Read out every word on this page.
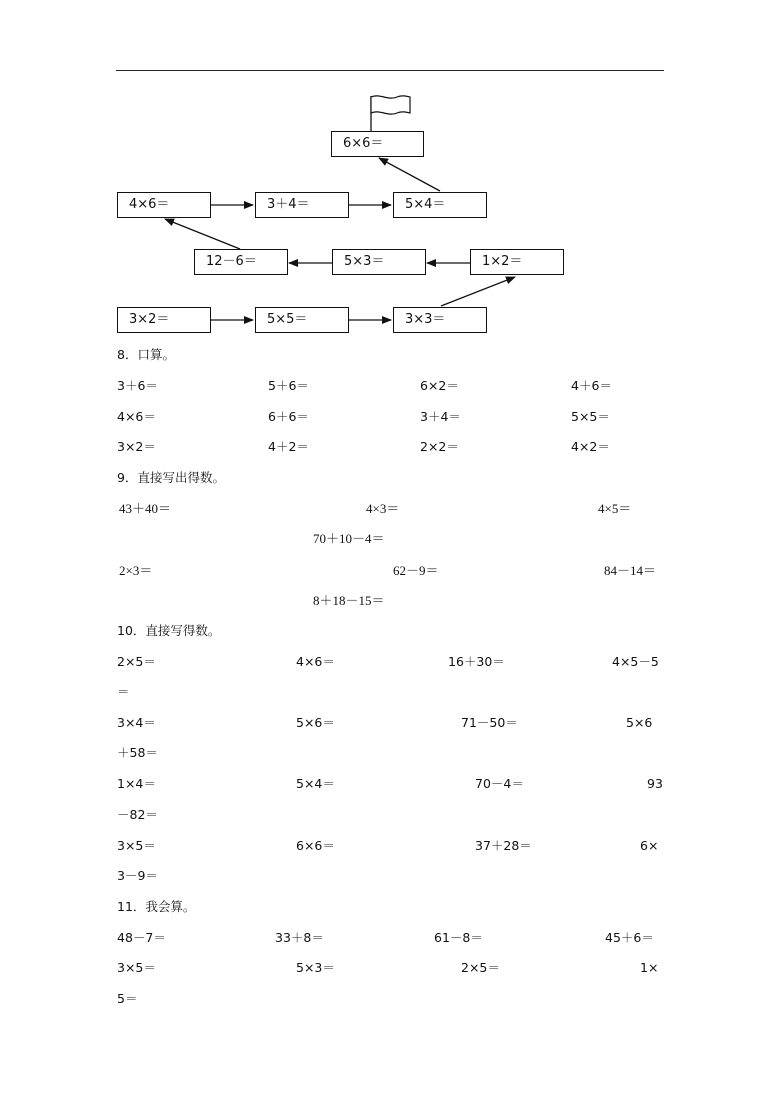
6×6＝
4×6＝	3＋4＝	5×4＝
12－6＝	5×3＝	1×2＝
3×2＝	5×5＝	3×3＝
8．口算。
3＋6＝	5＋6＝	6×2＝	4＋6＝
4×6＝	6＋6＝	3＋4＝	5×5＝
3×2＝	4＋2＝	2×2＝	4×2＝
9．直接写出得数。
43＋40＝	4×3＝	4×5＝
70＋10－4＝
2×3＝	62－9＝	84－14＝
8＋18－15＝
10．直接写得数。
2×5＝	4×6＝	16＋30＝	4×5－5
＝
3×4＝	5×6＝	71－50＝	5×6
＋58＝
1×4＝	5×4＝	70－4＝	93
－82＝
3×5＝	6×6＝	37＋28＝	6×
3－9＝
11．我会算。
48－7＝	33＋8＝	61－8＝	45＋6＝
3×5＝	5×3＝	2×5＝	1×
5＝
